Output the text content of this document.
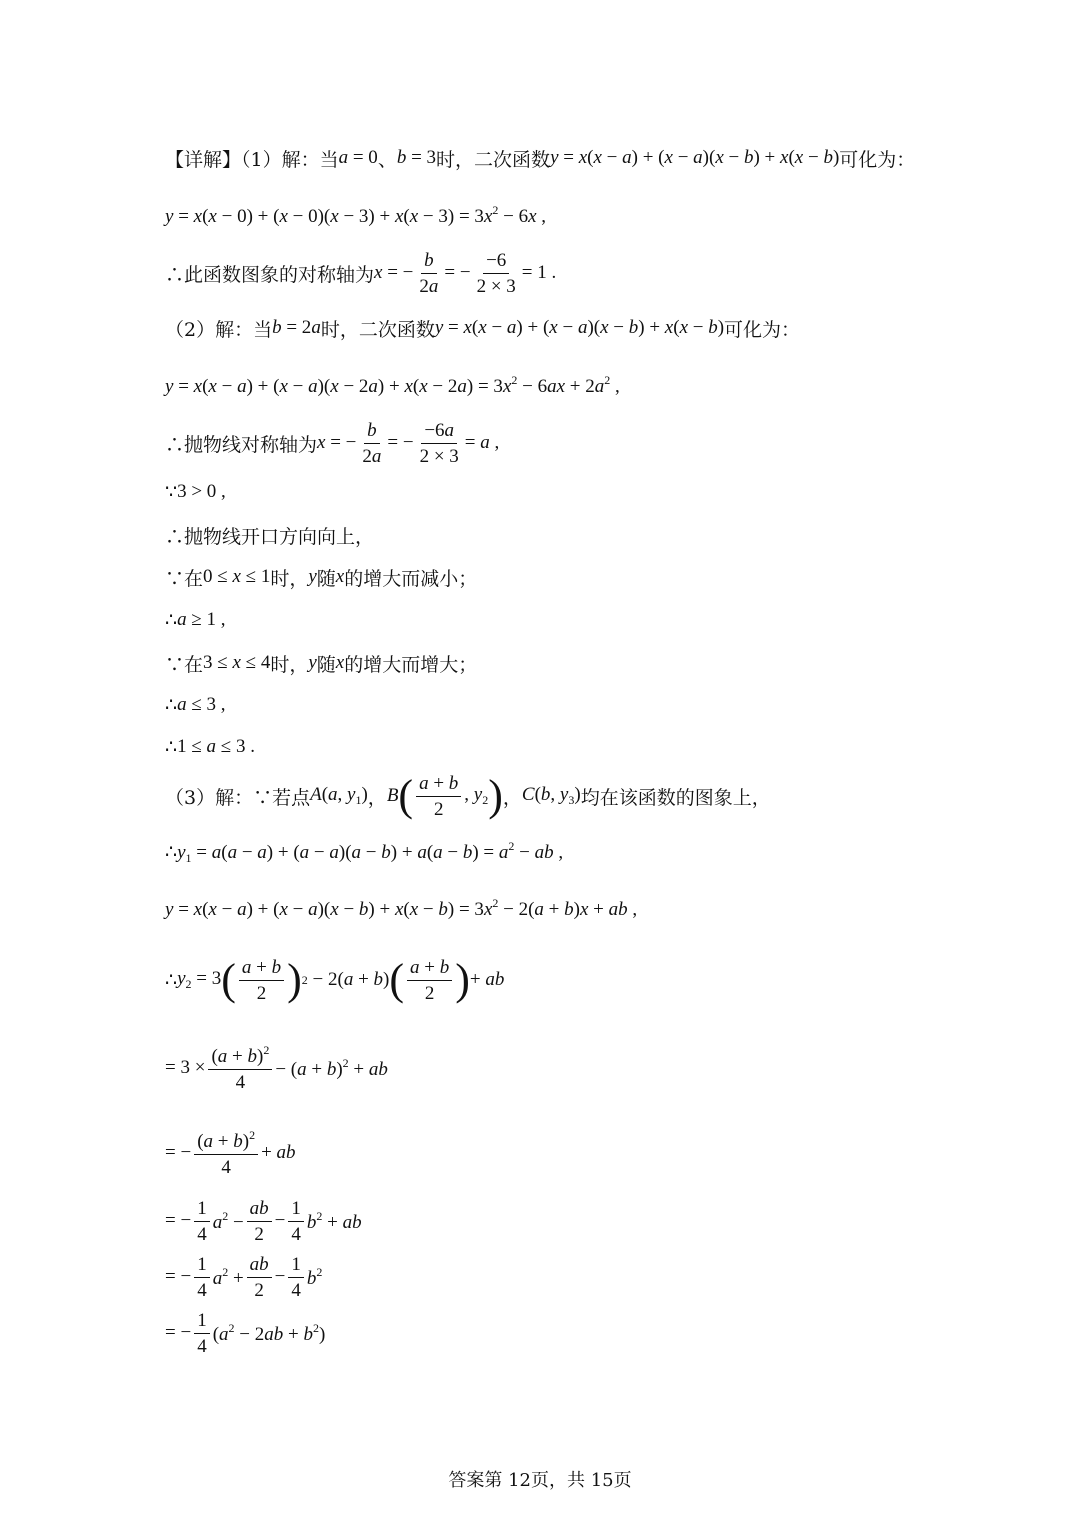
【详解】（1）解：当 a = 0 、 b = 3 时，二次函数 y = x(x − a) + (x − a)(x − b) + x(x − b) 可化为：
$y = x(x - 0) + (x - 0)(x - 3) + x(x - 3) = 3x^2 - 6x$ ,
∴此函数图象的对称轴为 x = − $\frac{b}{2a}$ = − $\frac{-6}{2 \times 3} = 1$ .
（2）解：当 b = 2a 时，二次函数 y = x(x − a) + (x − a)(x − b) + x(x − b) 可化为：
$y = x(x - a) + (x - a)(x - 2a) + x(x - 2a) = 3x^2 - 6ax + 2a^2$ ,
∴抛物线对称轴为 x = − $\frac{b}{2a}$ = − $\frac{-6a}{2 \times 3} = a$ ,
∵ 3 > 0 ,
∴抛物线开口方向向上，
∵在 0 ≤ x ≤ 1 时， y 随 x 的增大而减小；
∴ a ≥ 1 ,
∵在 3 ≤ x ≤ 4 时， y 随 x 的增大而增大；
∴ a ≤ 3 ,
∴ 1 ≤ a ≤ 3 .
（3）解：∵若点 A(a, $y_1$) ， B ( $\frac{a + b}{2}$ , $y_2$ ) ， C(b, $y_3$) 均在该函数的图象上，
∴ $y_1 = a(a - a) + (a - a)(a - b) + a(a - b) = a^2$ − ab ,
$y = x(x - a) + (x - a)(x - b) + x(x - b) = 3x^2 - 2(a + b)x$ + ab ,
∴ $y_2 = 3$ ( $\frac{a + b}{2}$ ) 2 − 2(a + b) ( $\frac{a + b}{2}$ ) + ab
= $3 \times \frac{(a + b)^2}{4} - (a + b)^2$ + ab
= − $\frac{(a + b)^2}{4}$ + ab
= − $\frac{1}{4} a^2 - \frac{ab}{2} - \frac{1}{4} b^2$ + ab
= − $\frac{1}{4} a^2 + \frac{ab}{2} - \frac{1}{4} b^2$
= − $\frac{1}{4} (a^2 - 2ab + b^2)$
答案第 12页，共 15页
